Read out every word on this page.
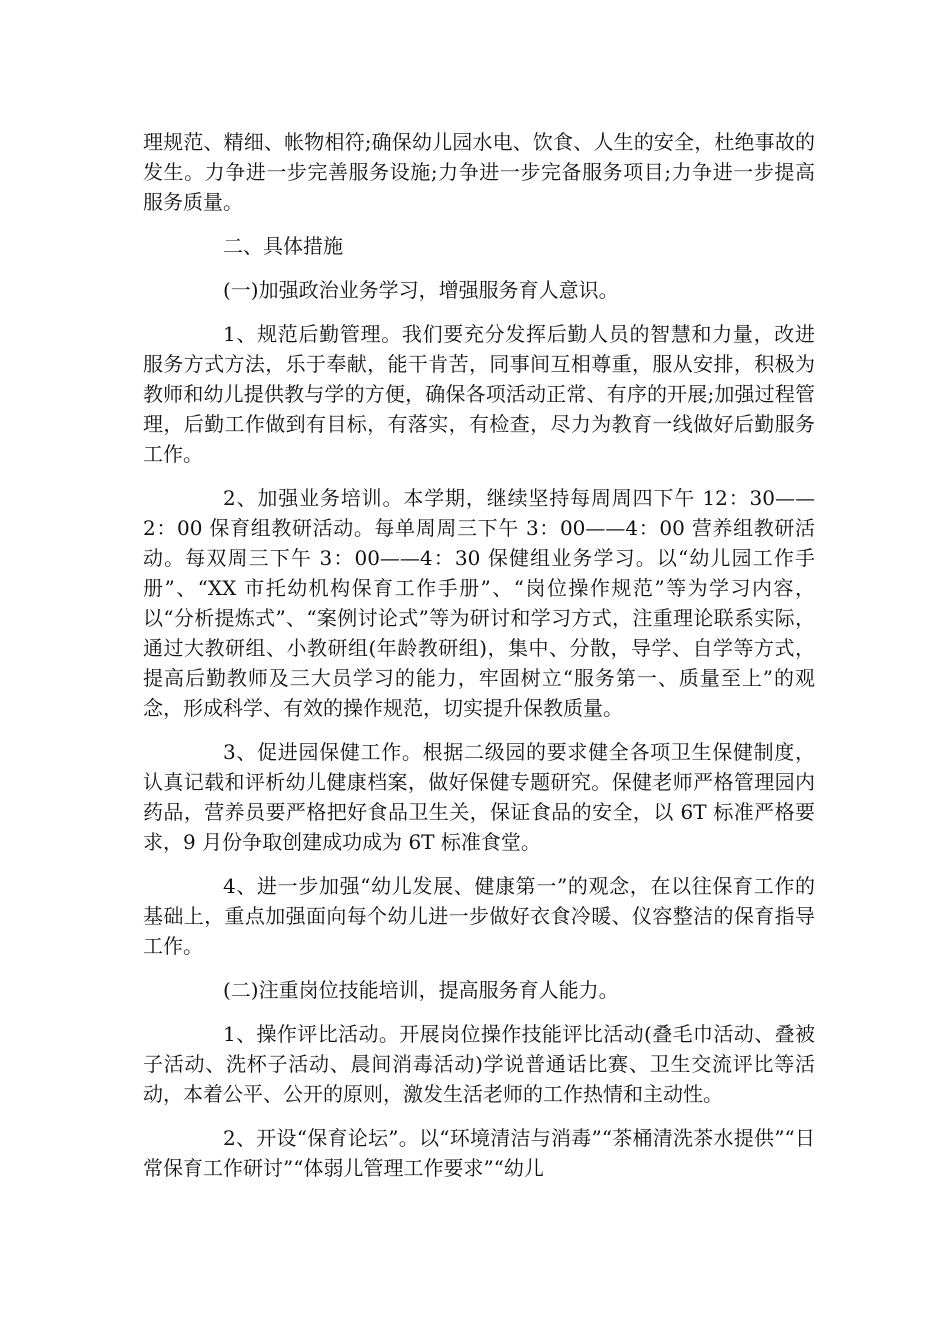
理规范、精细、帐物相符;确保幼儿园水电、饮食、人生的安全，杜绝事故的发生。力争进一步完善服务设施;力争进一步完备服务项目;力争进一步提高服务质量。

二、具体措施

(一)加强政治业务学习，增强服务育人意识。

1、规范后勤管理。我们要充分发挥后勤人员的智慧和力量，改进服务方式方法，乐于奉献，能干肯苦，同事间互相尊重，服从安排，积极为教师和幼儿提供教与学的方便，确保各项活动正常、有序的开展;加强过程管理，后勤工作做到有目标，有落实，有检查，尽力为教育一线做好后勤服务工作。

2、加强业务培训。本学期，继续坚持每周周四下午 12：30——2：00 保育组教研活动。每单周周三下午 3：00——4：00 营养组教研活动。每双周三下午 3：00——4：30 保健组业务学习。以“幼儿园工作手册”、“XX 市托幼机构保育工作手册”、“岗位操作规范”等为学习内容，以“分析提炼式”、“案例讨论式”等为研讨和学习方式，注重理论联系实际，通过大教研组、小教研组(年龄教研组)，集中、分散，导学、自学等方式，提高后勤教师及三大员学习的能力，牢固树立“服务第一、质量至上”的观念，形成科学、有效的操作规范，切实提升保教质量。

3、促进园保健工作。根据二级园的要求健全各项卫生保健制度，认真记载和评析幼儿健康档案，做好保健专题研究。保健老师严格管理园内药品，营养员要严格把好食品卫生关，保证食品的安全，以 6T 标准严格要求，9 月份争取创建成功成为 6T 标准食堂。

4、进一步加强“幼儿发展、健康第一”的观念，在以往保育工作的基础上，重点加强面向每个幼儿进一步做好衣食冷暖、仪容整洁的保育指导工作。

(二)注重岗位技能培训，提高服务育人能力。

1、操作评比活动。开展岗位操作技能评比活动(叠毛巾活动、叠被子活动、洗杯子活动、晨间消毒活动)学说普通话比赛、卫生交流评比等活动，本着公平、公开的原则，激发生活老师的工作热情和主动性。

2、开设“保育论坛”。以“环境清洁与消毒”“茶桶清洗茶水提供”“日常保育工作研讨”“体弱儿管理工作要求”“幼儿
